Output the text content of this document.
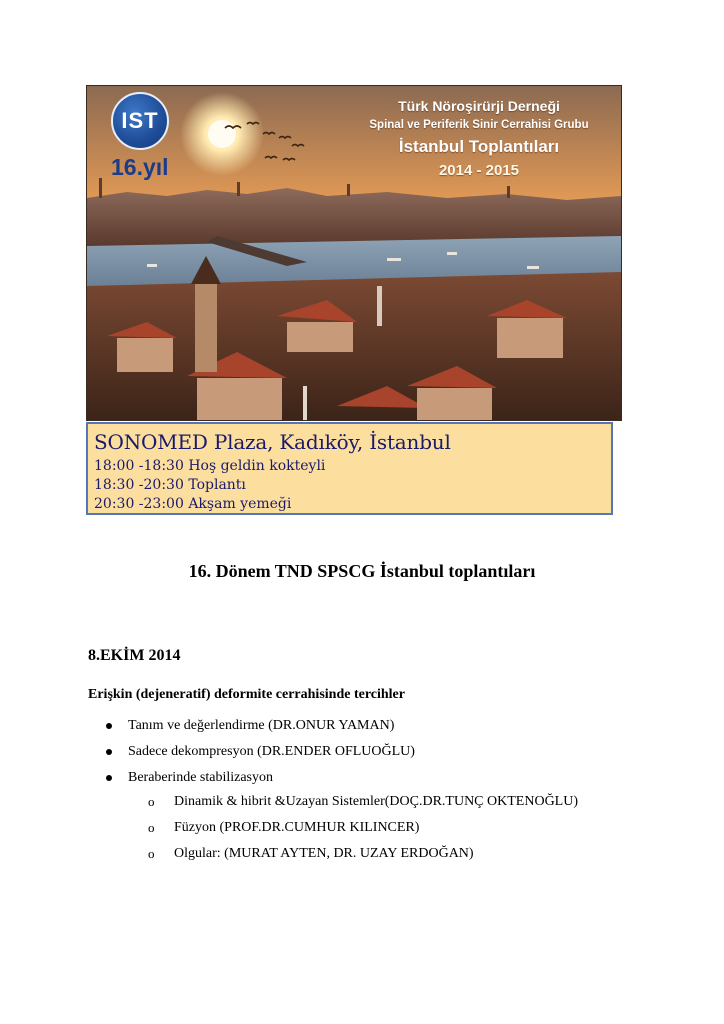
IST
16.yıl
Türk Nöroşirürji Derneği
Spinal ve Periferik Sinir Cerrahisi Grubu
İstanbul Toplantıları
2014 - 2015
SONOMED Plaza, Kadıköy, İstanbul
18:00 -18:30 Hoş geldin kokteyli
18:30 -20:30 Toplantı
20:30 -23:00 Akşam yemeği
16. Dönem TND SPSCG İstanbul toplantıları
8.EKİM 2014
Erişkin (dejeneratif) deformite cerrahisinde tercihler
Tanım ve değerlendirme (DR.ONUR YAMAN)
Sadece dekompresyon (DR.ENDER OFLUOĞLU)
Beraberinde stabilizasyon
o Dinamik & hibrit &Uzayan Sistemler(DOÇ.DR.TUNÇ OKTENOĞLU)
o Füzyon (PROF.DR.CUMHUR KILINCER)
o Olgular: (MURAT AYTEN, DR. UZAY ERDOĞAN)
